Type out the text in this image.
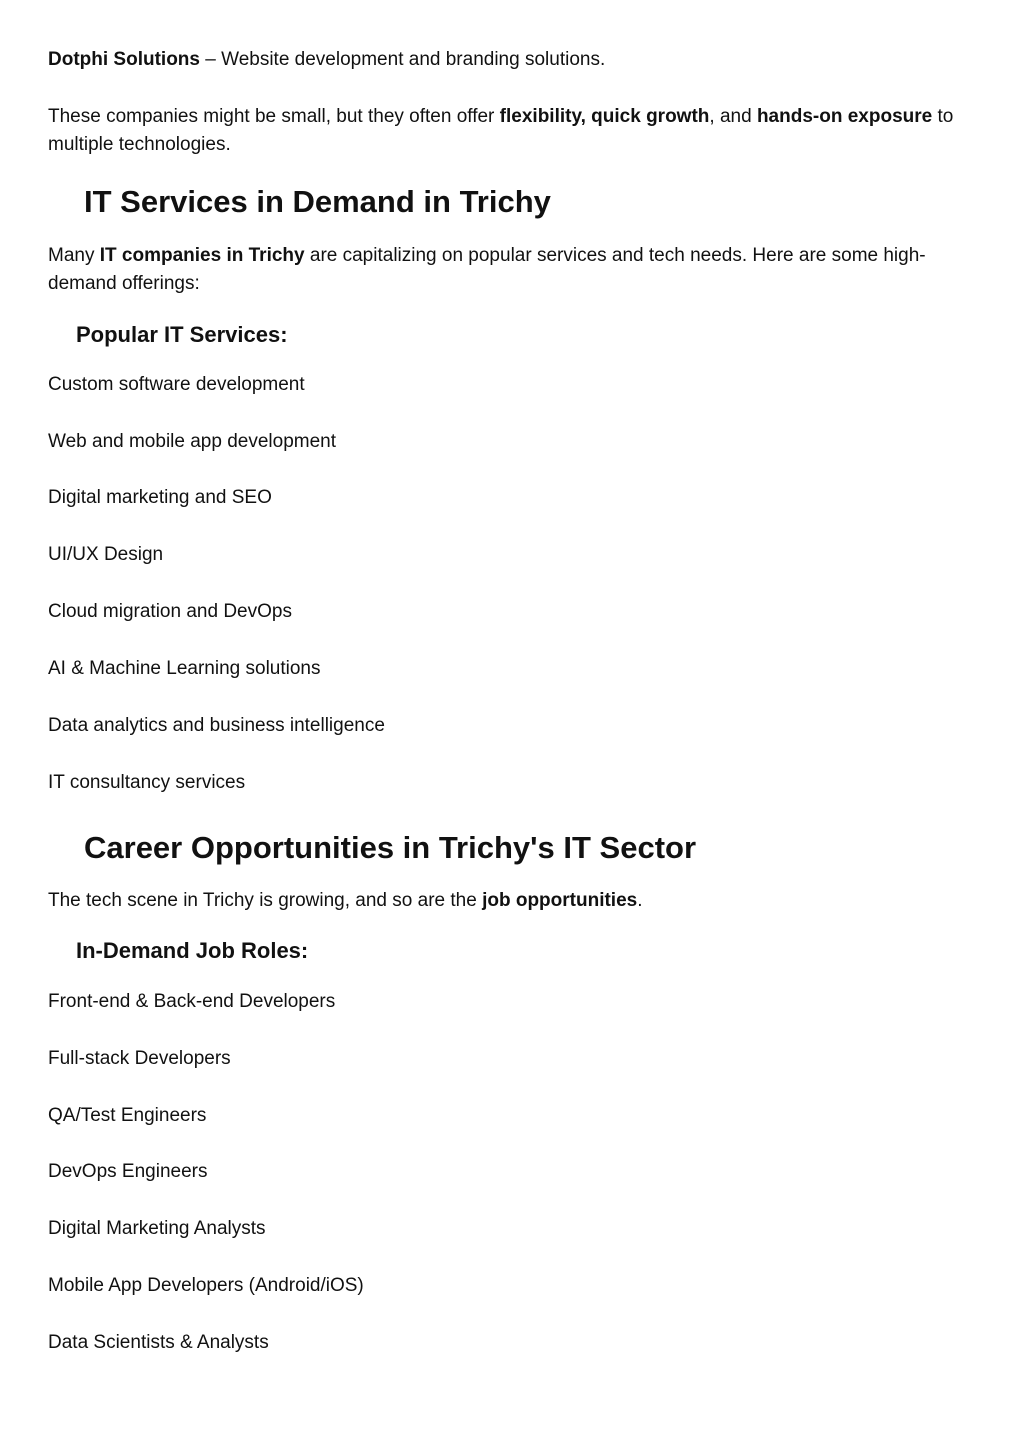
Dotphi Solutions – Website development and branding solutions.

These companies might be small, but they often offer flexibility, quick growth, and hands-on exposure to multiple technologies.

IT Services in Demand in Trichy

Many IT companies in Trichy are capitalizing on popular services and tech needs. Here are some high-demand offerings:

Popular IT Services:

Custom software development

Web and mobile app development

Digital marketing and SEO

UI/UX Design

Cloud migration and DevOps

AI & Machine Learning solutions

Data analytics and business intelligence

IT consultancy services

Career Opportunities in Trichy's IT Sector

The tech scene in Trichy is growing, and so are the job opportunities.

In-Demand Job Roles:

Front-end & Back-end Developers

Full-stack Developers

QA/Test Engineers

DevOps Engineers

Digital Marketing Analysts

Mobile App Developers (Android/iOS)

Data Scientists & Analysts
